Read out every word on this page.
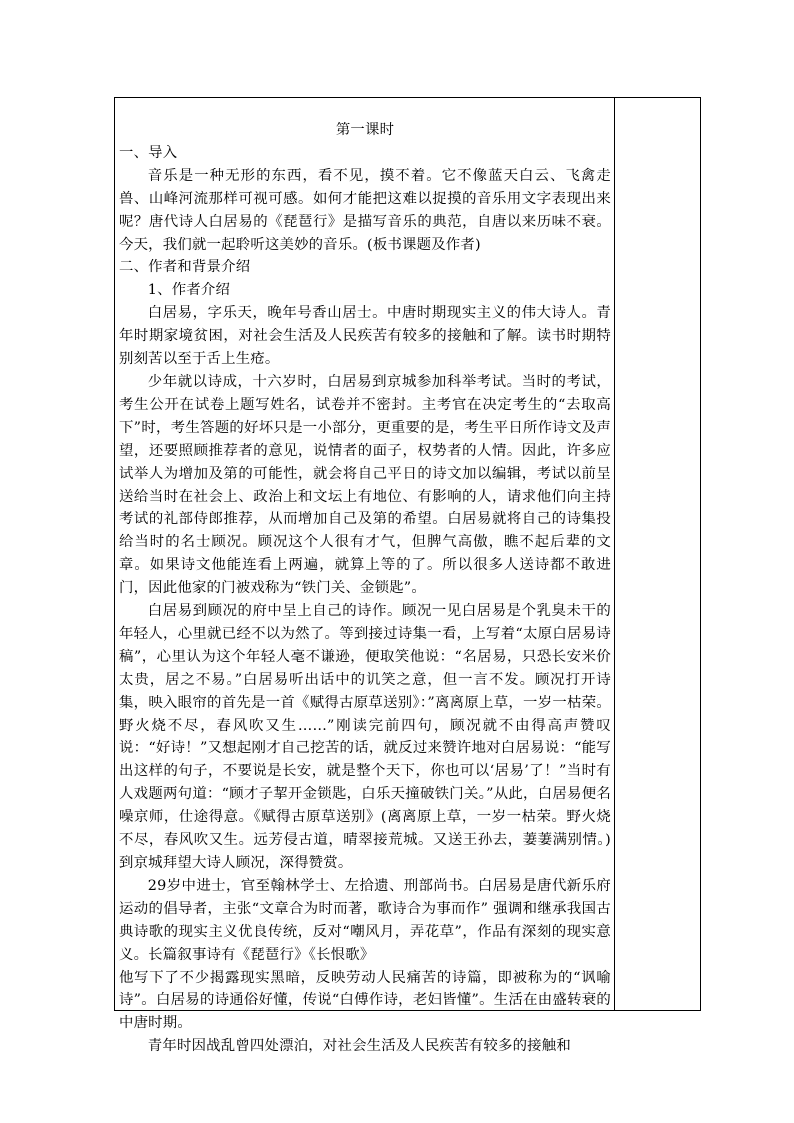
第一课时

一、导入

音乐是一种无形的东西，看不见，摸不着。它不像蓝天白云、飞禽走兽、山峰河流那样可视可感。如何才能把这难以捉摸的音乐用文字表现出来呢？唐代诗人白居易的《琵琶行》是描写音乐的典范，自唐以来历味不衰。今天，我们就一起聆听这美妙的音乐。(板书课题及作者)

二、作者和背景介绍

1、作者介绍

白居易，字乐天，晚年号香山居士。中唐时期现实主义的伟大诗人。青年时期家境贫困，对社会生活及人民疾苦有较多的接触和了解。读书时期特别刻苦以至于舌上生疮。

少年就以诗成，十六岁时，白居易到京城参加科举考试。当时的考试，考生公开在试卷上题写姓名，试卷并不密封。主考官在决定考生的“去取高下”时，考生答题的好坏只是一小部分，更重要的是，考生平日所作诗文及声望，还要照顾推荐者的意见，说情者的面子，权势者的人情。因此，许多应试举人为增加及第的可能性，就会将自己平日的诗文加以编辑，考试以前呈送给当时在社会上、政治上和文坛上有地位、有影响的人，请求他们向主持考试的礼部侍郎推荐，从而增加自己及第的希望。白居易就将自己的诗集投给当时的名士顾况。顾况这个人很有才气，但脾气高傲，瞧不起后辈的文章。如果诗文他能连看上两遍，就算上等的了。所以很多人送诗都不敢进门，因此他家的门被戏称为“铁门关、金锁匙”。

白居易到顾况的府中呈上自己的诗作。顾况一见白居易是个乳臭未干的年轻人，心里就已经不以为然了。等到接过诗集一看，上写着“太原白居易诗稿”，心里认为这个年轻人毫不谦逊，便取笑他说：“名居易，只恐长安米价太贵，居之不易。”白居易听出话中的讥笑之意，但一言不发。顾况打开诗集，映入眼帘的首先是一首《赋得古原草送别》：”离离原上草，一岁一枯荣。野火烧不尽，春风吹又生……”刚读完前四句，顾况就不由得高声赞叹说：“好诗！”又想起刚才自己挖苦的话，就反过来赞许地对白居易说：“能写出这样的句子，不要说是长安，就是整个天下，你也可以‘居易’了！”当时有人戏题两句道：“顾才子挈开金锁匙，白乐天撞破铁门关。”从此，白居易便名噪京师，仕途得意。《赋得古原草送别》(离离原上草，一岁一枯荣。野火烧不尽，春风吹又生。远芳侵古道，晴翠接荒城。又送王孙去，萋萋满别情。)到京城拜望大诗人顾况，深得赞赏。

29岁中进士，官至翰林学士、左拾遗、刑部尚书。白居易是唐代新乐府运动的倡导者，主张“文章合为时而著，歌诗合为事而作” 强调和继承我国古典诗歌的现实主义优良传统，反对“嘲风月，弄花草”，作品有深刻的现实意义。长篇叙事诗有《琵琶行》《长恨歌》

他写下了不少揭露现实黑暗，反映劳动人民痛苦的诗篇，即被称为的“讽喻诗”。白居易的诗通俗好懂，传说“白傅作诗，老妇皆懂”。生活在由盛转衰的中唐时期。

青年时因战乱曾四处漂泊，对社会生活及人民疾苦有较多的接触和
